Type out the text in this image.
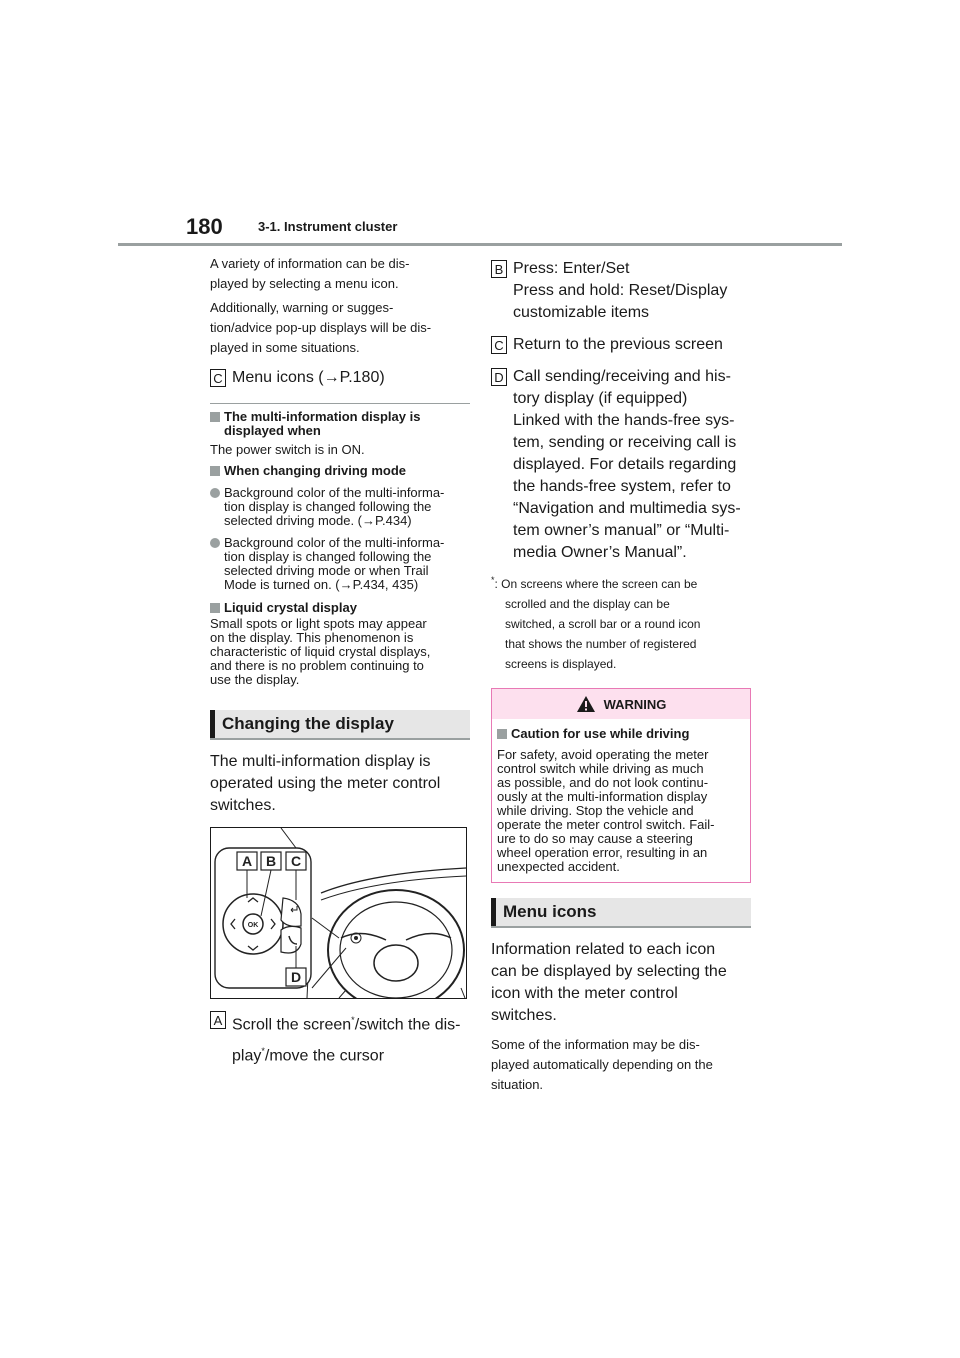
180	3-1. Instrument cluster
A variety of information can be dis-
played by selecting a menu icon.
Additionally, warning or sugges-
tion/advice pop-up displays will be dis-
played in some situations.
C Menu icons (→P.180)
The multi-information display is
displayed when
The power switch is in ON.
When changing driving mode
Background color of the multi-informa-
tion display is changed following the
selected driving mode. (→P.434)
Background color of the multi-informa-
tion display is changed following the
selected driving mode or when Trail
Mode is turned on. (→P.434, 435)
Liquid crystal display
Small spots or light spots may appear
on the display. This phenomenon is
characteristic of liquid crystal displays,
and there is no problem continuing to
use the display.
Changing the display
The multi-information display is
operated using the meter control
switches.
A B C
D
OK
A Scroll the screen*/switch the dis-
play*/move the cursor
B Press: Enter/Set
Press and hold: Reset/Display
customizable items
C Return to the previous screen
D Call sending/receiving and his-
tory display (if equipped)
Linked with the hands-free sys-
tem, sending or receiving call is
displayed. For details regarding
the hands-free system, refer to
“Navigation and multimedia sys-
tem owner’s manual” or “Multi-
media Owner’s Manual”.
*: On screens where the screen can be
scrolled and the display can be
switched, a scroll bar or a round icon
that shows the number of registered
screens is displayed.
WARNING
Caution for use while driving
For safety, avoid operating the meter
control switch while driving as much
as possible, and do not look continu-
ously at the multi-information display
while driving. Stop the vehicle and
operate the meter control switch. Fail-
ure to do so may cause a steering
wheel operation error, resulting in an
unexpected accident.
Menu icons
Information related to each icon
can be displayed by selecting the
icon with the meter control
switches.
Some of the information may be dis-
played automatically depending on the
situation.
